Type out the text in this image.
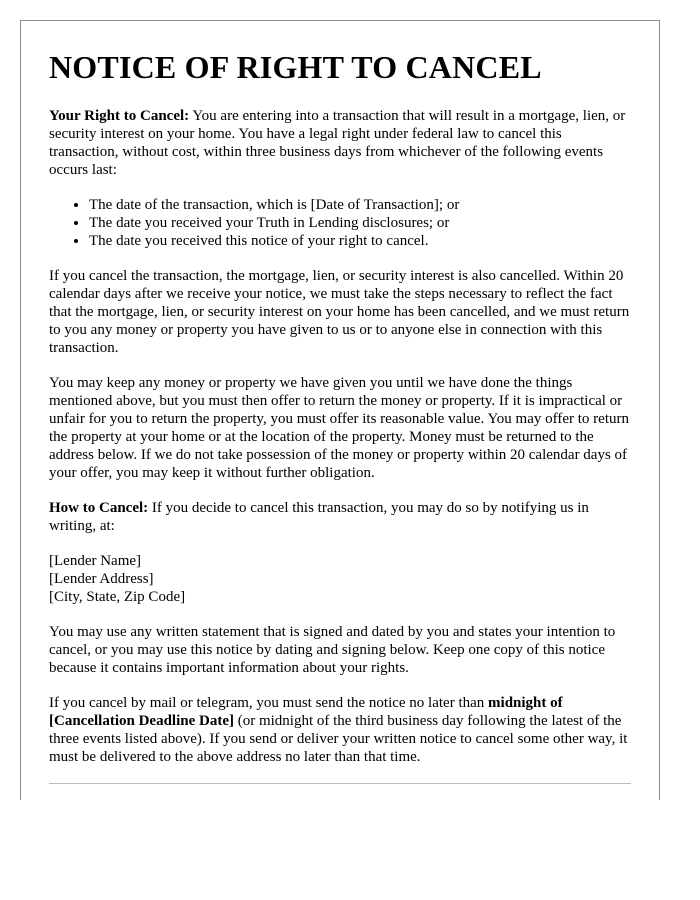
NOTICE OF RIGHT TO CANCEL

Your Right to Cancel: You are entering into a transaction that will result in a mortgage, lien, or security interest on your home. You have a legal right under federal law to cancel this transaction, without cost, within three business days from whichever of the following events occurs last:

• The date of the transaction, which is [Date of Transaction]; or
• The date you received your Truth in Lending disclosures; or
• The date you received this notice of your right to cancel.

If you cancel the transaction, the mortgage, lien, or security interest is also cancelled. Within 20 calendar days after we receive your notice, we must take the steps necessary to reflect the fact that the mortgage, lien, or security interest on your home has been cancelled, and we must return to you any money or property you have given to us or to anyone else in connection with this transaction.

You may keep any money or property we have given you until we have done the things mentioned above, but you must then offer to return the money or property. If it is impractical or unfair for you to return the property, you must offer its reasonable value. You may offer to return the property at your home or at the location of the property. Money must be returned to the address below. If we do not take possession of the money or property within 20 calendar days of your offer, you may keep it without further obligation.

How to Cancel: If you decide to cancel this transaction, you may do so by notifying us in writing, at:

[Lender Name]

[Lender Address]

[City, State, Zip Code]

You may use any written statement that is signed and dated by you and states your intention to cancel, or you may use this notice by dating and signing below. Keep one copy of this notice because it contains important information about your rights.

If you cancel by mail or telegram, you must send the notice no later than midnight of [Cancellation Deadline Date] (or midnight of the third business day following the latest of the three events listed above). If you send or deliver your written notice to cancel some other way, it must be delivered to the above address no later than that time.
